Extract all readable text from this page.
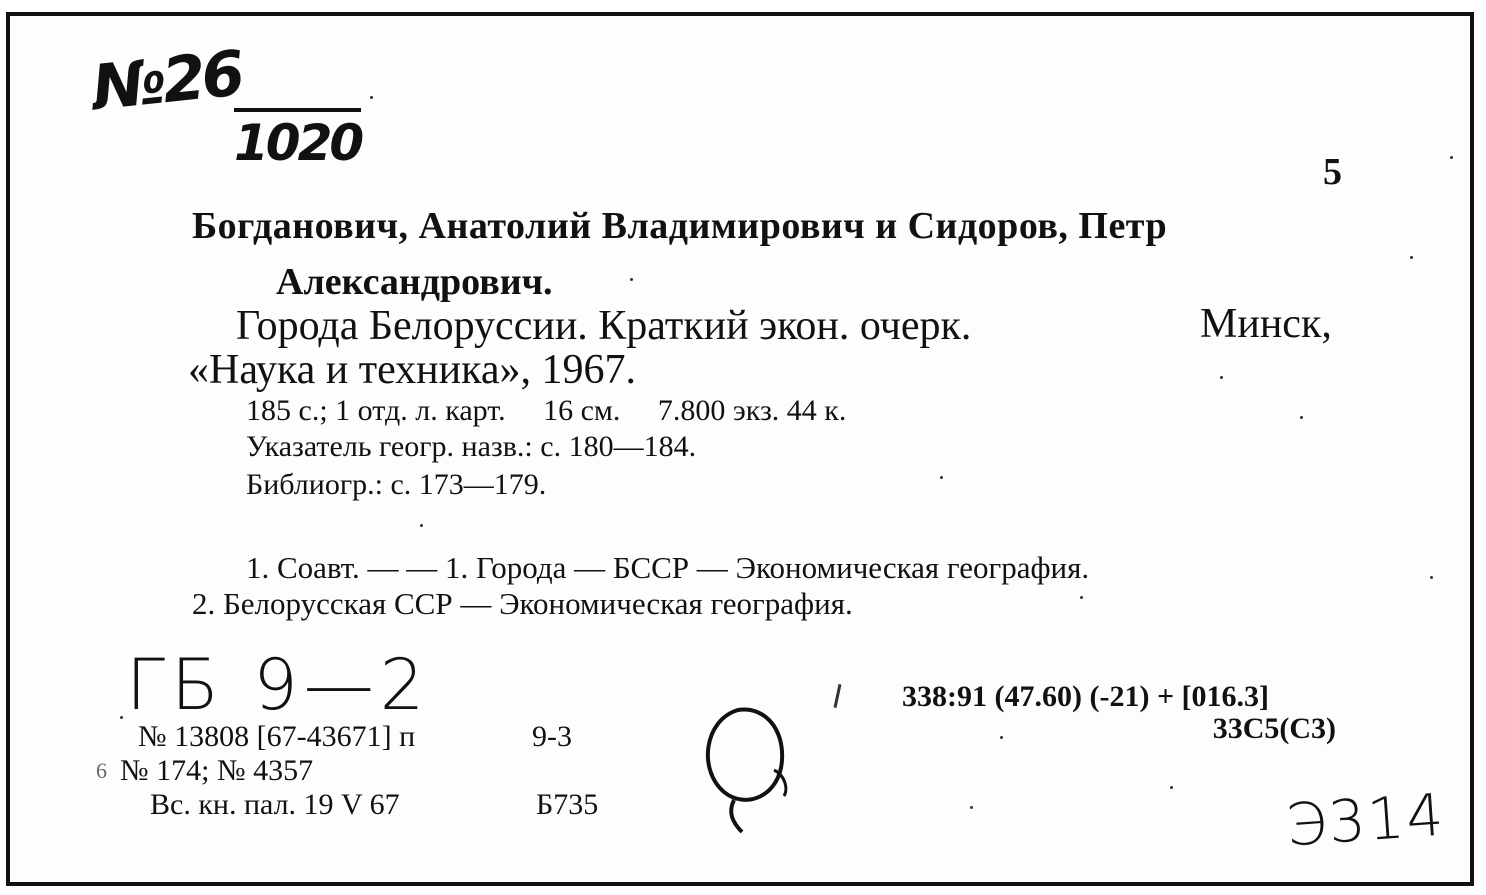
№26
1020	5
Богданович, Анатолий Владимирович и Сидоров, Петр
Александрович.
Города Белоруссии. Краткий экон. очерк.	Минск,
«Наука и техника», 1967.
185 с.; 1 отд. л. карт.     16 см.     7.800 экз. 44 к.
Указатель геогр. назв.: с. 180—184.
Библиогр.: с. 173—179.
1. Соавт. — — 1. Города — БССР — Экономическая география.
2. Белорусская ССР — Экономическая география.
ГБ 9—2
№ 13808 [67-43671] п	9-3
6 № 174; № 4357
Вс. кн. пал. 19 V 67	Б735
338:91 (47.60) (-21) + [016.3]
33С5(С3)
Э314
